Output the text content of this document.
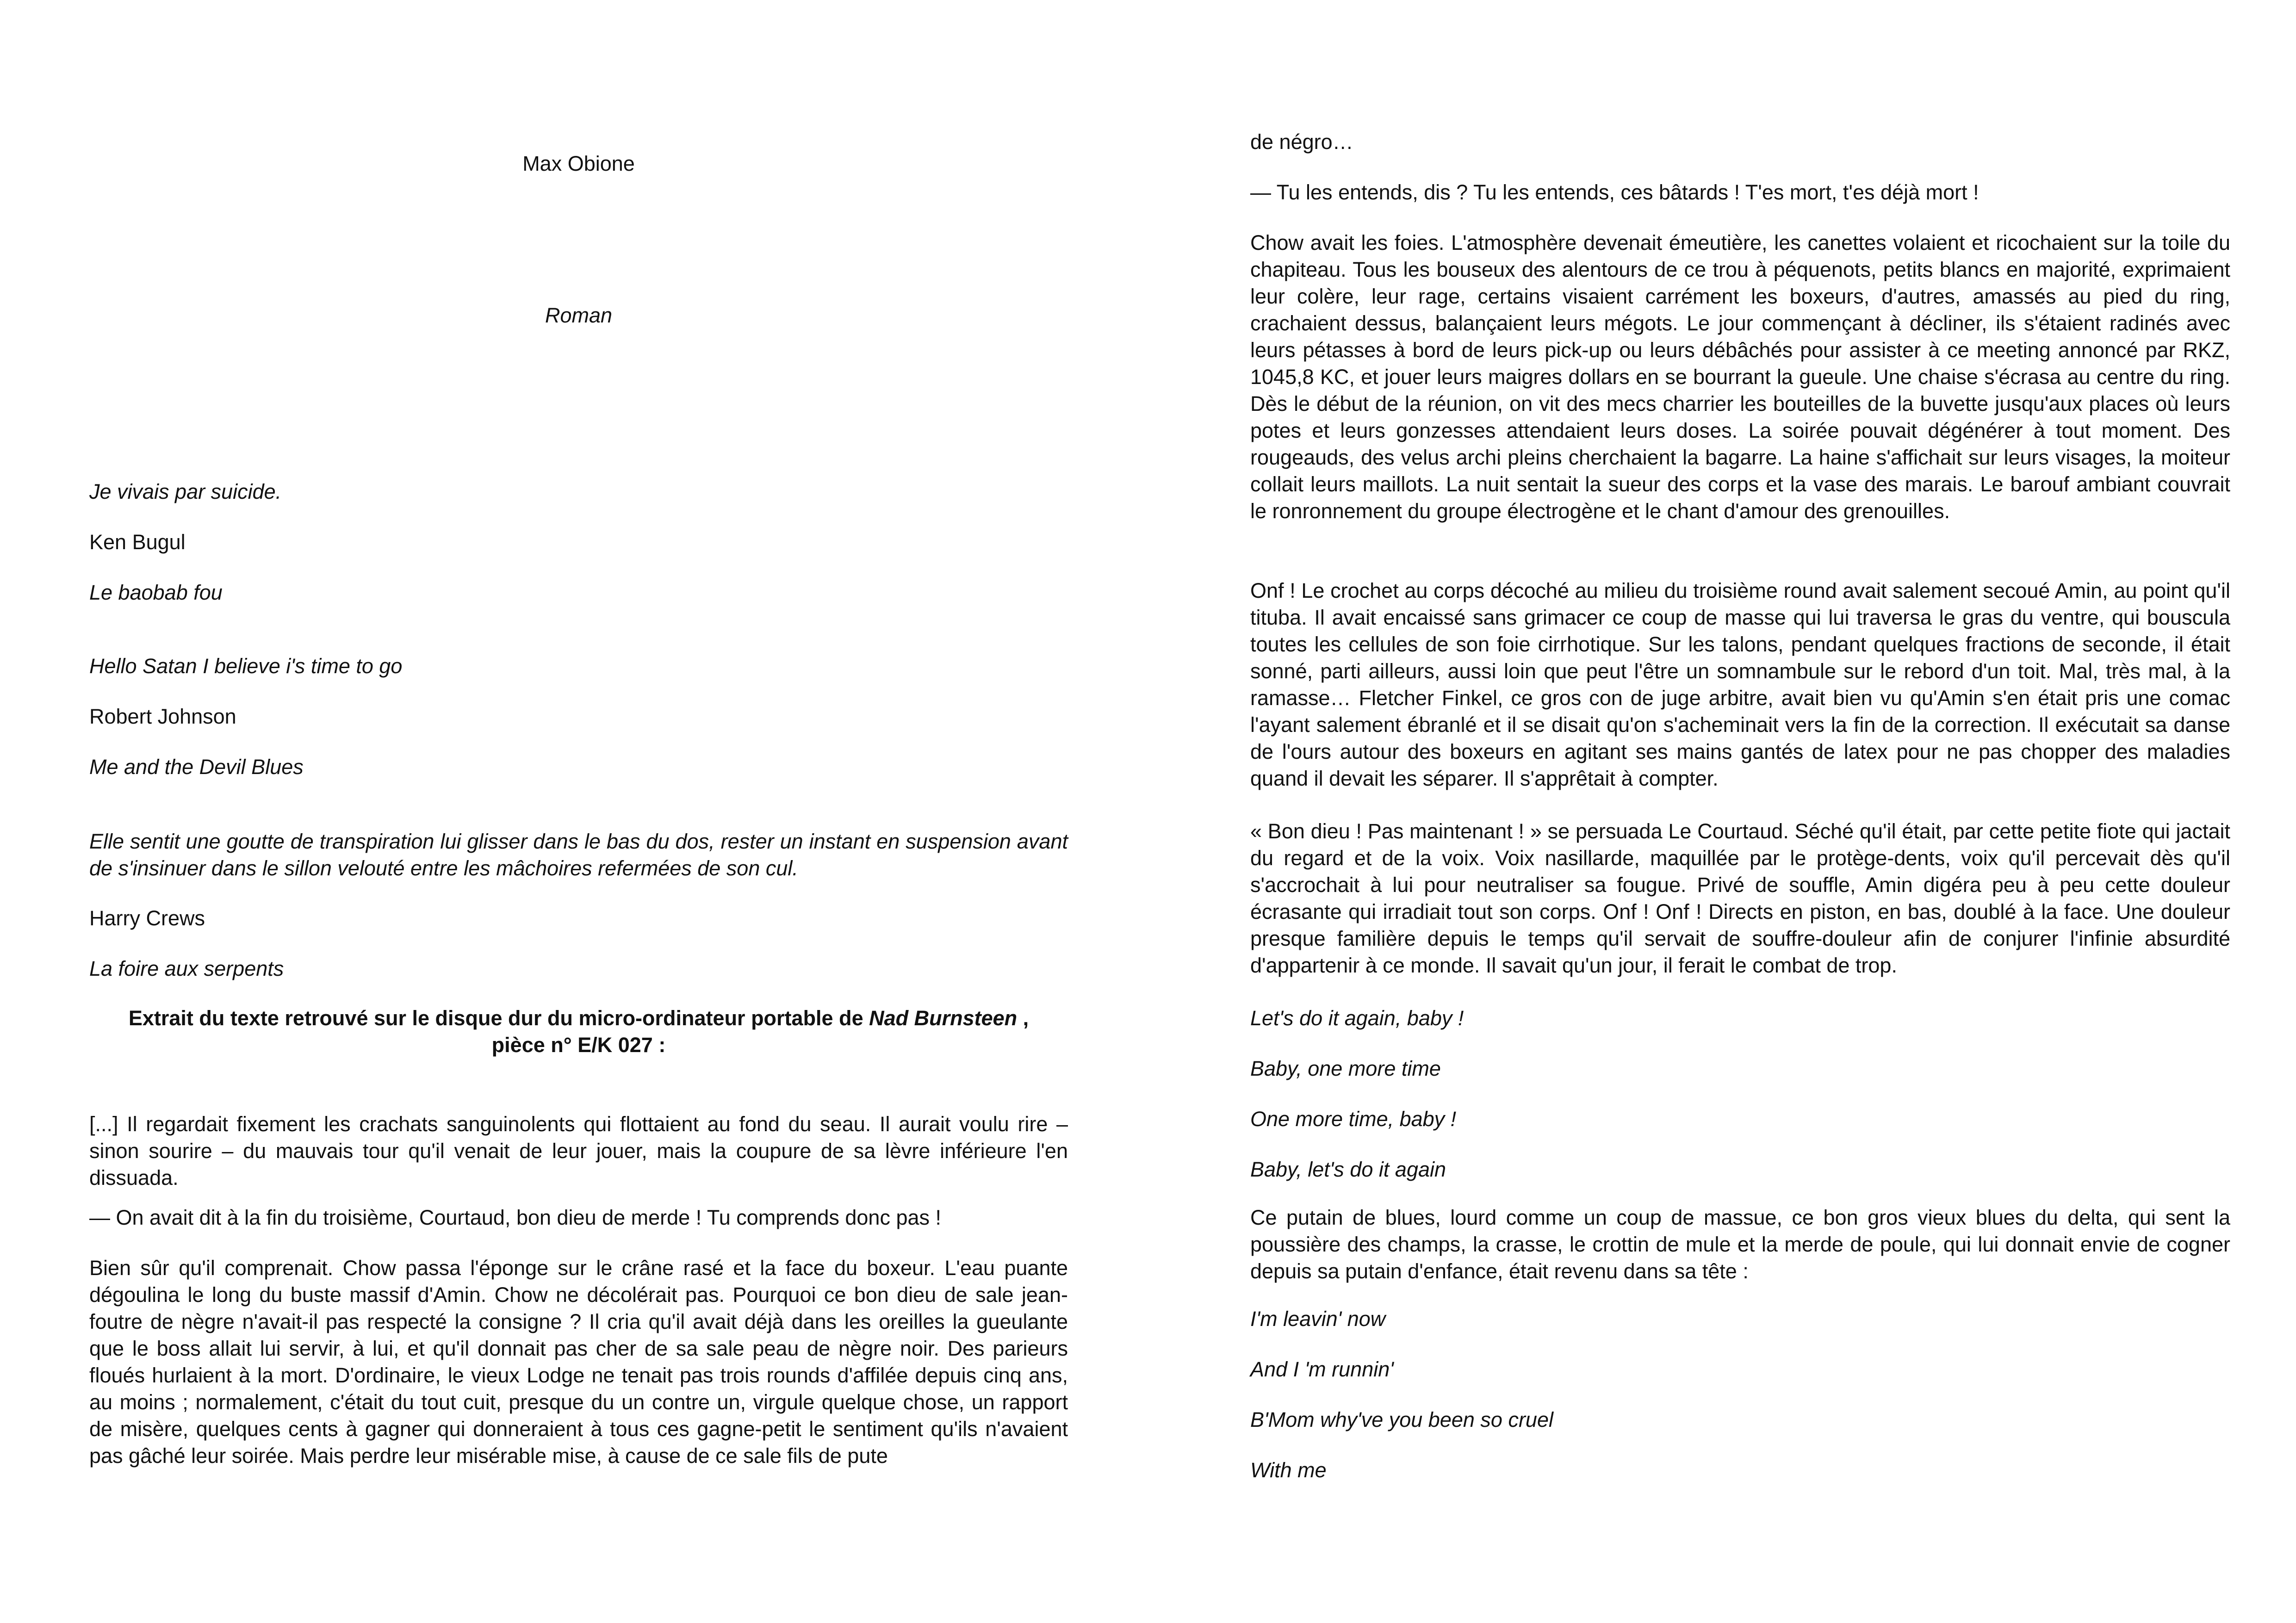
Max Obione

Roman

Je vivais par suicide.

Ken Bugul

Le baobab fou

Hello Satan I believe i's time to go

Robert Johnson

Me and the Devil Blues

Elle sentit une goutte de transpiration lui glisser dans le bas du dos, rester un instant en suspension avant de s'insinuer dans le sillon velouté entre les mâchoires refermées de son cul.

Harry Crews

La foire aux serpents

Extrait du texte retrouvé sur le disque dur du micro-ordinateur portable de Nad Burnsteen ,
pièce n° E/K 027 :

[...] Il regardait fixement les crachats sanguinolents qui flottaient au fond du seau. Il aurait voulu rire – sinon sourire – du mauvais tour qu'il venait de leur jouer, mais la coupure de sa lèvre inférieure l'en dissuada.

— On avait dit à la fin du troisième, Courtaud, bon dieu de merde ! Tu comprends donc pas !

Bien sûr qu'il comprenait. Chow passa l'éponge sur le crâne rasé et la face du boxeur. L'eau puante dégoulina le long du buste massif d'Amin. Chow ne décolérait pas. Pourquoi ce bon dieu de sale jean-foutre de nègre n'avait-il pas respecté la consigne ? Il cria qu'il avait déjà dans les oreilles la gueulante que le boss allait lui servir, à lui, et qu'il donnait pas cher de sa sale peau de nègre noir. Des parieurs floués hurlaient à la mort. D'ordinaire, le vieux Lodge ne tenait pas trois rounds d'affilée depuis cinq ans, au moins ; normalement, c'était du tout cuit, presque du un contre un, virgule quelque chose, un rapport de misère, quelques cents à gagner qui donneraient à tous ces gagne-petit le sentiment qu'ils n'avaient pas gâché leur soirée. Mais perdre leur misérable mise, à cause de ce sale fils de pute

de négro…

— Tu les entends, dis ? Tu les entends, ces bâtards ! T'es mort, t'es déjà mort !

Chow avait les foies. L'atmosphère devenait émeutière, les canettes volaient et ricochaient sur la toile du chapiteau. Tous les bouseux des alentours de ce trou à péquenots, petits blancs en majorité, exprimaient leur colère, leur rage, certains visaient carrément les boxeurs, d'autres, amassés au pied du ring, crachaient dessus, balançaient leurs mégots. Le jour commençant à décliner, ils s'étaient radinés avec leurs pétasses à bord de leurs pick-up ou leurs débâchés pour assister à ce meeting annoncé par RKZ, 1045,8 KC, et jouer leurs maigres dollars en se bourrant la gueule. Une chaise s'écrasa au centre du ring. Dès le début de la réunion, on vit des mecs charrier les bouteilles de la buvette jusqu'aux places où leurs potes et leurs gonzesses attendaient leurs doses. La soirée pouvait dégénérer à tout moment. Des rougeauds, des velus archi pleins cherchaient la bagarre. La haine s'affichait sur leurs visages, la moiteur collait leurs maillots. La nuit sentait la sueur des corps et la vase des marais. Le barouf ambiant couvrait le ronronnement du groupe électrogène et le chant d'amour des grenouilles.

Onf ! Le crochet au corps décoché au milieu du troisième round avait salement secoué Amin, au point qu'il tituba. Il avait encaissé sans grimacer ce coup de masse qui lui traversa le gras du ventre, qui bouscula toutes les cellules de son foie cirrhotique. Sur les talons, pendant quelques fractions de seconde, il était sonné, parti ailleurs, aussi loin que peut l'être un somnambule sur le rebord d'un toit. Mal, très mal, à la ramasse… Fletcher Finkel, ce gros con de juge arbitre, avait bien vu qu'Amin s'en était pris une comac l'ayant salement ébranlé et il se disait qu'on s'acheminait vers la fin de la correction. Il exécutait sa danse de l'ours autour des boxeurs en agitant ses mains gantés de latex pour ne pas chopper des maladies quand il devait les séparer. Il s'apprêtait à compter.

« Bon dieu ! Pas maintenant ! » se persuada Le Courtaud. Séché qu'il était, par cette petite fiote qui jactait du regard et de la voix. Voix nasillarde, maquillée par le protège-dents, voix qu'il percevait dès qu'il s'accrochait à lui pour neutraliser sa fougue. Privé de souffle, Amin digéra peu à peu cette douleur écrasante qui irradiait tout son corps. Onf ! Onf ! Directs en piston, en bas, doublé à la face. Une douleur presque familière depuis le temps qu'il servait de souffre-douleur afin de conjurer l'infinie absurdité d'appartenir à ce monde. Il savait qu'un jour, il ferait le combat de trop.

Let's do it again, baby !

Baby, one more time

One more time, baby !

Baby, let's do it again

Ce putain de blues, lourd comme un coup de massue, ce bon gros vieux blues du delta, qui sent la poussière des champs, la crasse, le crottin de mule et la merde de poule, qui lui donnait envie de cogner depuis sa putain d'enfance, était revenu dans sa tête :

I'm leavin' now

And I 'm runnin'

B'Mom why've you been so cruel

With me
